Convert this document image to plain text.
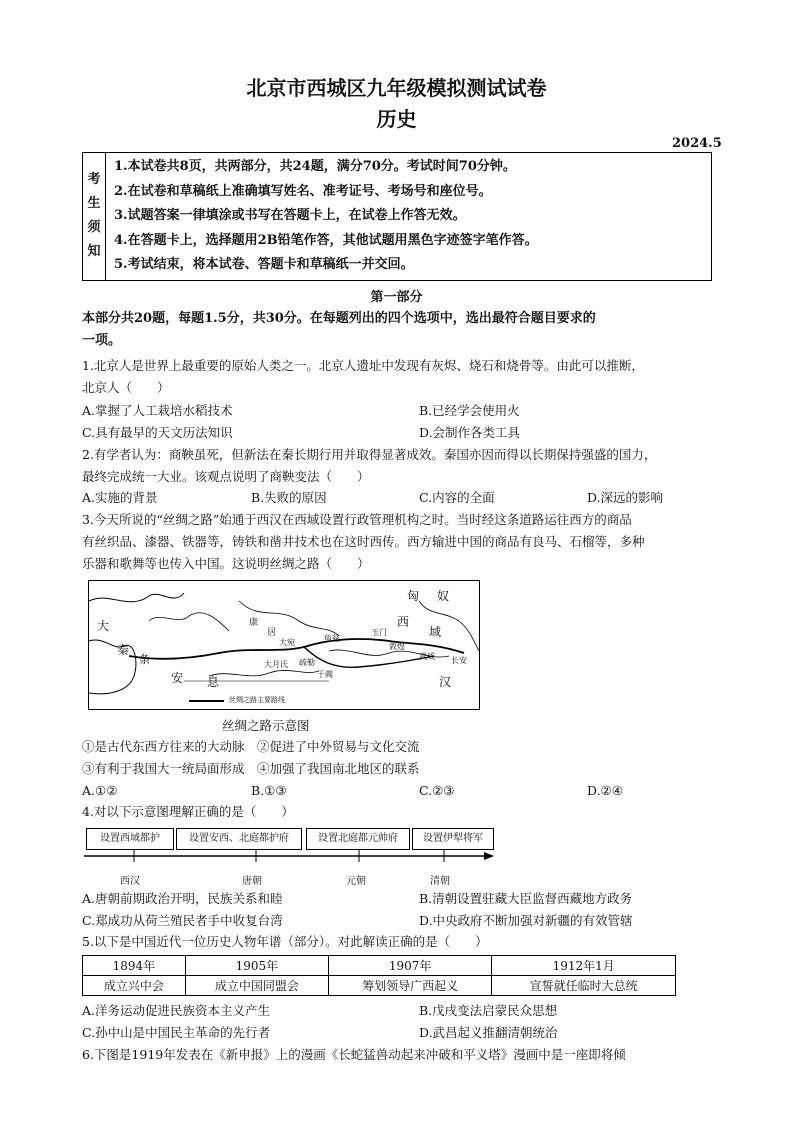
北京市西城区九年级模拟测试试卷
历史
2024.5
考
生
须
知

1.本试卷共8页，共两部分，共24题，满分70分。考试时间70分钟。
2.在试卷和草稿纸上准确填写姓名、准考证号、考场号和座位号。
3.试题答案一律填涂或书写在答题卡上，在试卷上作答无效。
4.在答题卡上，选择题用2B铅笔作答，其他试题用黑色字迹签字笔作答。
5.考试结束，将本试卷、答题卡和草稿纸一并交回。
第一部分
本部分共20题，每题1.5分，共30分。在每题列出的四个选项中，选出最符合题目要求的
一项。
1.北京人是世界上最重要的原始人类之一。北京人遗址中发现有灰烬、烧石和烧骨等。由此可以推断，
北京人（　　）
A.掌握了人工栽培水稻技术	B.已经学会使用火
C.具有最早的天文历法知识	D.会制作各类工具
2.有学者认为：商鞅虽死，但新法在秦长期行用并取得显著成效。秦国亦因而得以长期保持强盛的国力，
最终完成统一大业。该观点说明了商鞅变法（　　）
A.实施的背景	B.失败的原因	C.内容的全面	D.深远的影响
3.今天所说的“丝绸之路”始通于西汉在西域设置行政管理机构之时。当时经这条道路运往西方的商品
有丝织品、漆器、铁器等，铸铁和凿井技术也在这时西传。西方输进中国的商品有良马、石榴等，多种
乐器和歌舞等也传入中国。这说明丝绸之路（　　）
匈 奴
西
域
大
秦
条
安 息	汉
康
居
大宛
大月氏
龟兹
玉门
敦煌
长安
武威
于阗
疏勒
丝绸之路主要路线
丝绸之路示意图
①是古代东西方往来的大动脉　②促进了中外贸易与文化交流
③有利于我国大一统局面形成　④加强了我国南北地区的联系
A.①②	B.①③	C.②③	D.②④
4.对以下示意图理解正确的是（　　）
设置西域都护	设置安西、北庭都护府	设置北庭都元帅府	设置伊犁将军
西汉	唐朝	元朝	清朝
A.唐朝前期政治开明，民族关系和睦	B.清朝设置驻藏大臣监督西藏地方政务
C.郑成功从荷兰殖民者手中收复台湾	D.中央政府不断加强对新疆的有效管辖
5.以下是中国近代一位历史人物年谱（部分）。对此解读正确的是（　　）
1894年	1905年	1907年	1912年1月
成立兴中会	成立中国同盟会	筹划领导广西起义	宣誓就任临时大总统
A.洋务运动促进民族资本主义产生	B.戊戌变法启蒙民众思想
C.孙中山是中国民主革命的先行者	D.武昌起义推翻清朝统治
6.下图是1919年发表在《新申报》上的漫画《长蛇猛兽动起来冲破和平义塔》漫画中是一座即将倾
